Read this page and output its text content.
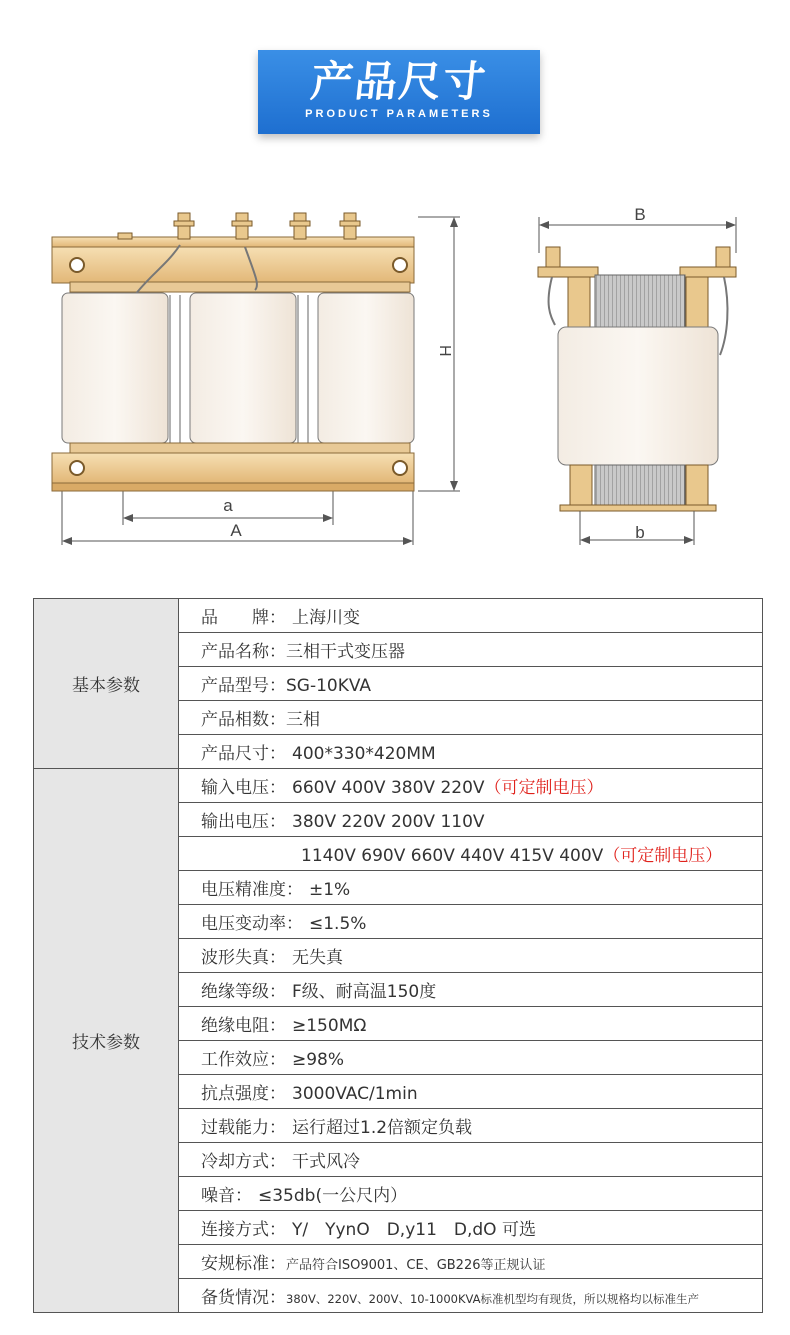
产品尺寸
PRODUCT PARAMETERS
H
a
A
B
b
基本参数	品　　牌： 上海川变
	产品名称：三相干式变压器
	产品型号：SG-10KVA
	产品相数：三相
	产品尺寸： 400*330*420MM
技术参数	输入电压： 660V 400V 380V 220V（可定制电压）
	输出电压： 380V 220V 200V 110V
	1140V 690V 660V 440V 415V 400V（可定制电压）
	电压精准度： ±1%
	电压变动率： ≤1.5%
	波形失真： 无失真
	绝缘等级： F级、耐高温150度
	绝缘电阻： ≥150MΩ
	工作效应： ≥98%
	抗点强度： 3000VAC/1min
	过载能力： 运行超过1.2倍额定负载
	冷却方式： 干式风冷
	噪音： ≤35db(一公尺内）
	连接方式： Y/　YynO　D,y11　D,dO 可选
	安规标准：产品符合ISO9001、CE、GB226等正规认证
	备货情况：380V、220V、200V、10-1000KVA标准机型均有现货，所以规格均以标准生产
